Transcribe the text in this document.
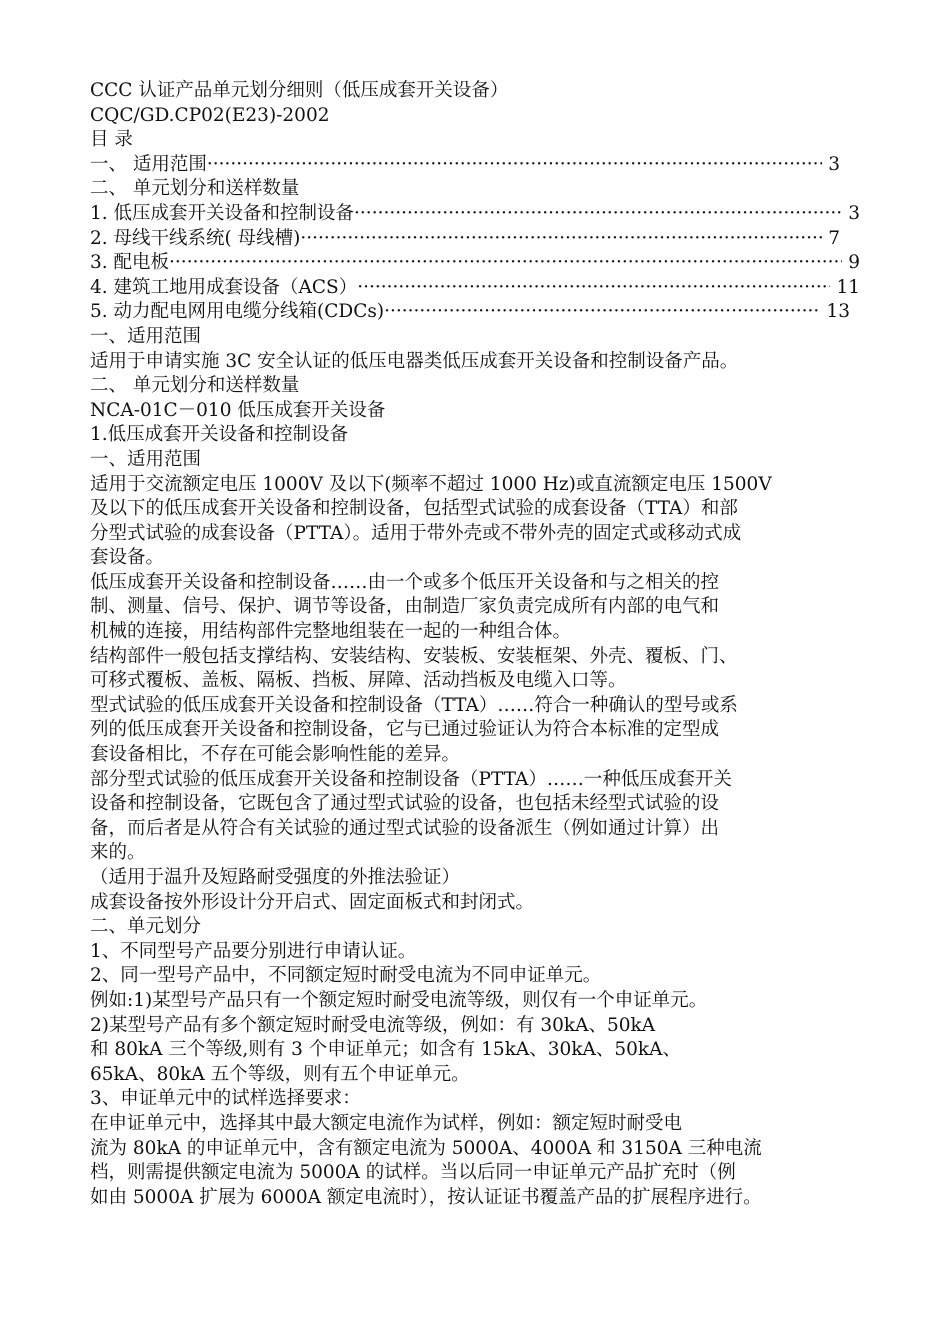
CCC 认证产品单元划分细则（低压成套开关设备）
CQC/GD.CP02(E23)-2002
目 录
一、 适用范围 ·····	3
二、 单元划分和送样数量
1. 低压成套开关设备和控制设备 ·····	3
2. 母线干线系统( 母线槽) ·····	7
3. 配电板 ·····	9
4. 建筑工地用成套设备（ACS） ·····	11
5. 动力配电网用电缆分线箱(CDCs) ·····	13
一、适用范围
适用于申请实施 3C 安全认证的低压电器类低压成套开关设备和控制设备产品。
二、 单元划分和送样数量
NCA-01C－010 低压成套开关设备
1.低压成套开关设备和控制设备
一、适用范围
适用于交流额定电压 1000V 及以下(频率不超过 1000 Hz)或直流额定电压 1500V
及以下的低压成套开关设备和控制设备，包括型式试验的成套设备（TTA）和部
分型式试验的成套设备（PTTA）。适用于带外壳或不带外壳的固定式或移动式成
套设备。
低压成套开关设备和控制设备……由一个或多个低压开关设备和与之相关的控
制、测量、信号、保护、调节等设备，由制造厂家负责完成所有内部的电气和
机械的连接，用结构部件完整地组装在一起的一种组合体。
结构部件一般包括支撑结构、安装结构、安装板、安装框架、外壳、覆板、门、
可移式覆板、盖板、隔板、挡板、屏障、活动挡板及电缆入口等。
型式试验的低压成套开关设备和控制设备（TTA）……符合一种确认的型号或系
列的低压成套开关设备和控制设备，它与已通过验证认为符合本标准的定型成
套设备相比，不存在可能会影响性能的差异。
部分型式试验的低压成套开关设备和控制设备（PTTA）……一种低压成套开关
设备和控制设备，它既包含了通过型式试验的设备，也包括未经型式试验的设
备，而后者是从符合有关试验的通过型式试验的设备派生（例如通过计算）出
来的。
（适用于温升及短路耐受强度的外推法验证）
成套设备按外形设计分开启式、固定面板式和封闭式。
二、单元划分
1、不同型号产品要分别进行申请认证。
2、同一型号产品中，不同额定短时耐受电流为不同申证单元。
例如:1)某型号产品只有一个额定短时耐受电流等级，则仅有一个申证单元。
2)某型号产品有多个额定短时耐受电流等级，例如：有 30kA、50kA
和 80kA 三个等级,则有 3 个申证单元；如含有 15kA、30kA、50kA、
65kA、80kA 五个等级，则有五个申证单元。
3、申证单元中的试样选择要求：
在申证单元中，选择其中最大额定电流作为试样，例如：额定短时耐受电
流为 80kA 的申证单元中，含有额定电流为 5000A、4000A 和 3150A 三种电流
档，则需提供额定电流为 5000A 的试样。当以后同一申证单元产品扩充时（例
如由 5000A 扩展为 6000A 额定电流时），按认证证书覆盖产品的扩展程序进行。
